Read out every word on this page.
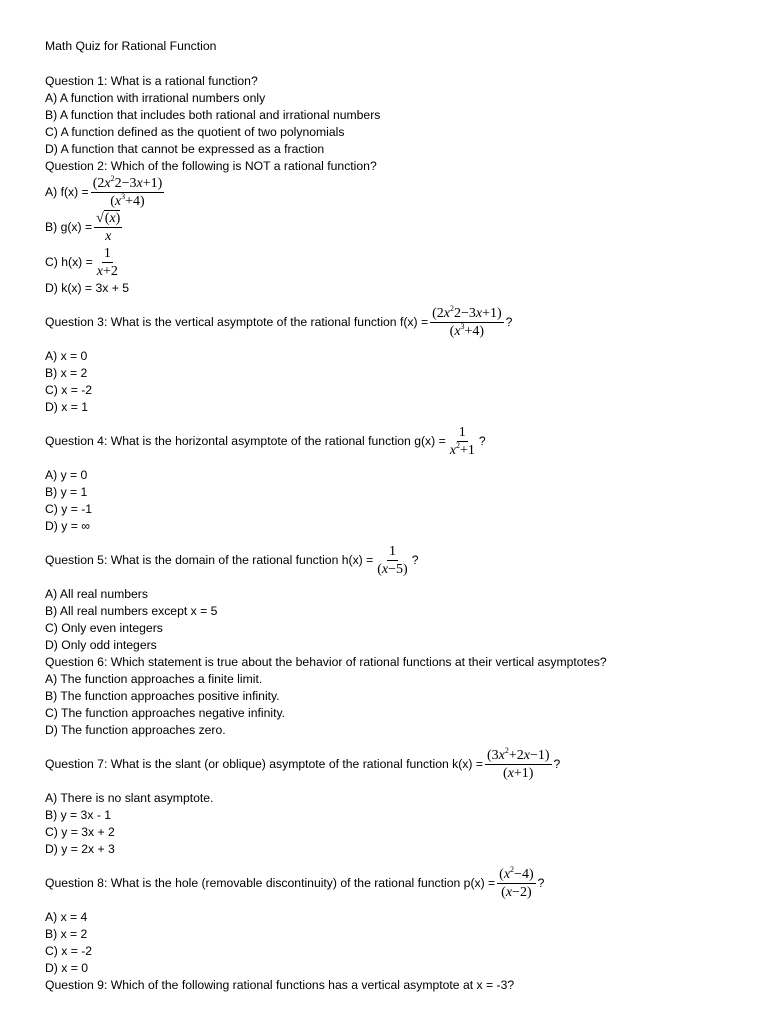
Math Quiz for Rational Function
Question 1: What is a rational function?
A) A function with irrational numbers only
B) A function that includes both rational and irrational numbers
C) A function defined as the quotient of two polynomials
D) A function that cannot be expressed as a fraction
Question 2: Which of the following is NOT a rational function?
A) $f(x) = \frac{(2x^22-3x+1)}{(x^3+4)}$
B) $g(x) = \frac{√(x)}{x}$
C) $h(x) = \frac{1}{x+2}$
D) k(x) = 3x + 5
Question 3: What is the vertical asymptote of the rational function $f(x) = \frac{(2x^22-3x+1)}{(x^3+4)}$ ?
A) x = 0
B) x = 2
C) x = -2
D) x = 1
Question 4: What is the horizontal asymptote of the rational function $g(x) = \frac{1}{x^2+1}$ ?
A) y = 0
B) y = 1
C) y = -1
D) y = ∞
Question 5: What is the domain of the rational function $h(x) = \frac{1}{(x-5)}$ ?
A) All real numbers
B) All real numbers except x = 5
C) Only even integers
D) Only odd integers
Question 6: Which statement is true about the behavior of rational functions at their vertical asymptotes?
A) The function approaches a finite limit.
B) The function approaches positive infinity.
C) The function approaches negative infinity.
D) The function approaches zero.
Question 7: What is the slant (or oblique) asymptote of the rational function $k(x) = \frac{(3x^2+2x-1)}{(x+1)}$ ?
A) There is no slant asymptote.
B) y = 3x - 1
C) y = 3x + 2
D) y = 2x + 3
Question 8: What is the hole (removable discontinuity) of the rational function $p(x) = \frac{(x^2-4)}{(x-2)}$ ?
A) x = 4
B) x = 2
C) x = -2
D) x = 0
Question 9: Which of the following rational functions has a vertical asymptote at x = -3?
